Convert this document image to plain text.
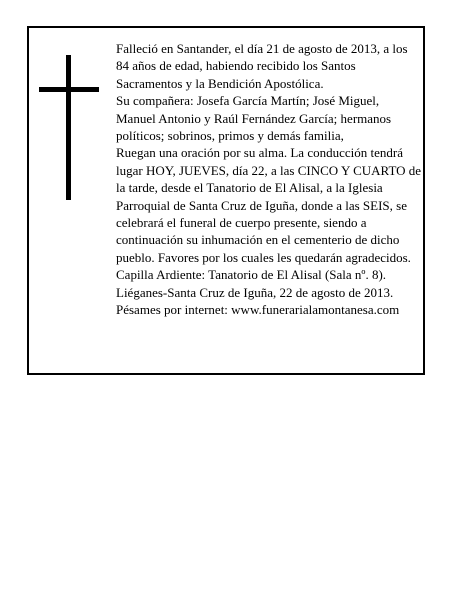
Falleció en Santander, el día 21 de agosto de 2013, a los 84 años de edad, habiendo recibido los Santos Sacramentos y la Bendición Apostólica.

Su compañera: Josefa García Martín; José Miguel, Manuel Antonio y Raúl Fernández García; hermanos políticos; sobrinos, primos y demás familia,

Ruegan una oración por su alma. La conducción tendrá lugar HOY, JUEVES, día 22, a las CINCO Y CUARTO de la tarde, desde el Tanatorio de El Alisal, a la Iglesia Parroquial de Santa Cruz de Iguña, donde a las SEIS, se celebrará el funeral de cuerpo presente, siendo a continuación su inhumación en el cementerio de dicho pueblo. Favores por los cuales les quedarán agradecidos. Capilla Ardiente: Tanatorio de El Alisal (Sala nº. 8).

Liéganes-Santa Cruz de Iguña, 22 de agosto de 2013.

Pésames por internet: www.funerarialamontanesa.com
